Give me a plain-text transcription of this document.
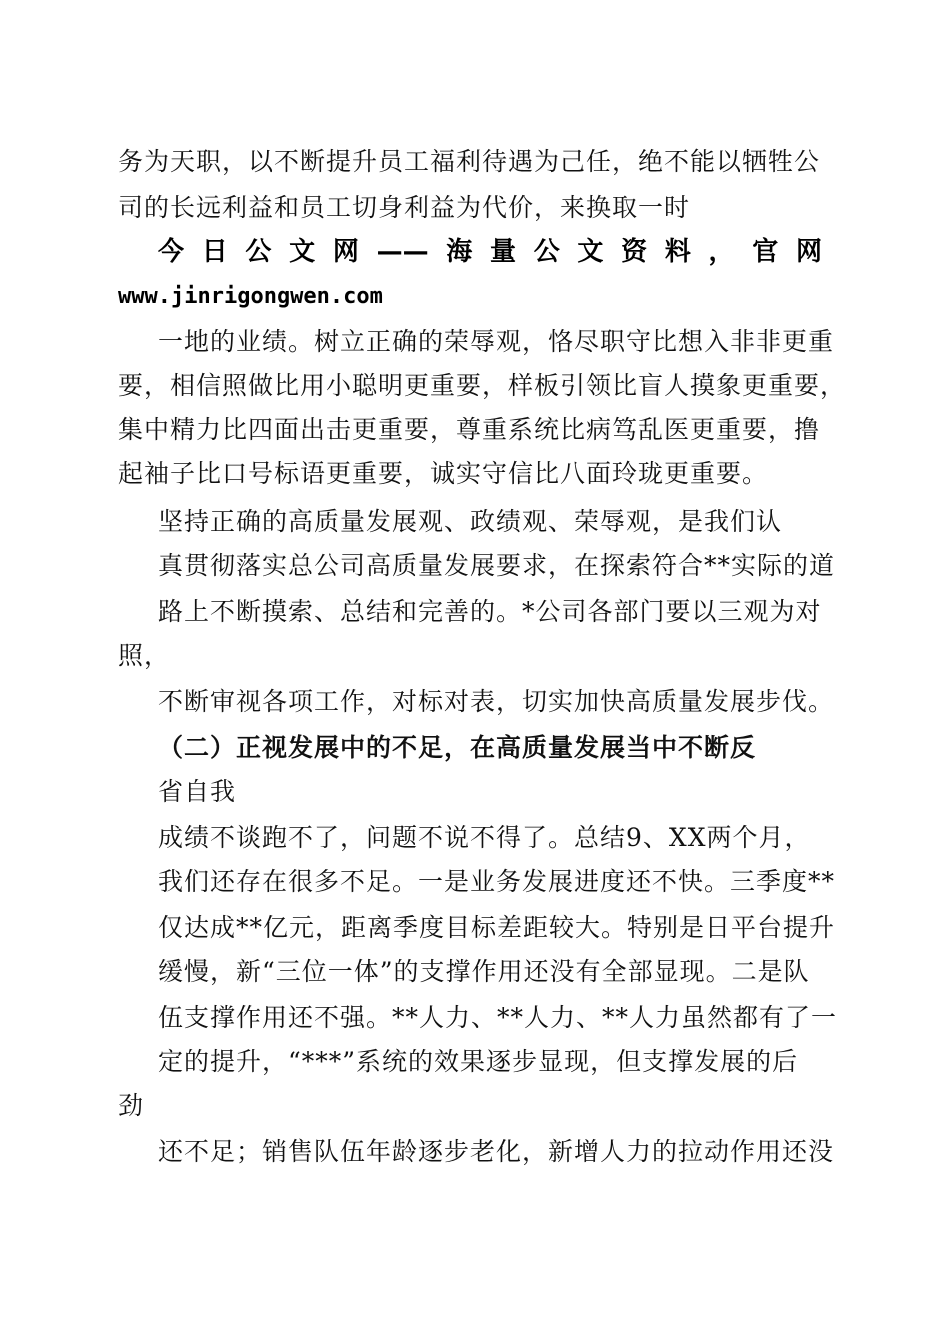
务为天职，以不断提升员工福利待遇为己任，绝不能以牺牲公
司的长远利益和员工切身利益为代价，来换取一时
今日公文网——海量公文资料，官网
www.jinrigongwen.com
一地的业绩。树立正确的荣辱观，恪尽职守比想入非非更重
要，相信照做比用小聪明更重要，样板引领比盲人摸象更重要，
集中精力比四面出击更重要，尊重系统比病笃乱医更重要，撸
起袖子比口号标语更重要，诚实守信比八面玲珑更重要。
坚持正确的高质量发展观、政绩观、荣辱观，是我们认
真贯彻落实总公司高质量发展要求，在探索符合**实际的道
路上不断摸索、总结和完善的。*公司各部门要以三观为对
照，
不断审视各项工作，对标对表，切实加快高质量发展步伐。
（二）正视发展中的不足，在高质量发展当中不断反
省自我
成绩不谈跑不了，问题不说不得了。总结9、XX两个月，
我们还存在很多不足。一是业务发展进度还不快。三季度**
仅达成**亿元，距离季度目标差距较大。特别是日平台提升
缓慢，新“三位一体”的支撑作用还没有全部显现。二是队
伍支撑作用还不强。**人力、**人力、**人力虽然都有了一
定的提升，“***”系统的效果逐步显现，但支撑发展的后
劲
还不足；销售队伍年龄逐步老化，新增人力的拉动作用还没
